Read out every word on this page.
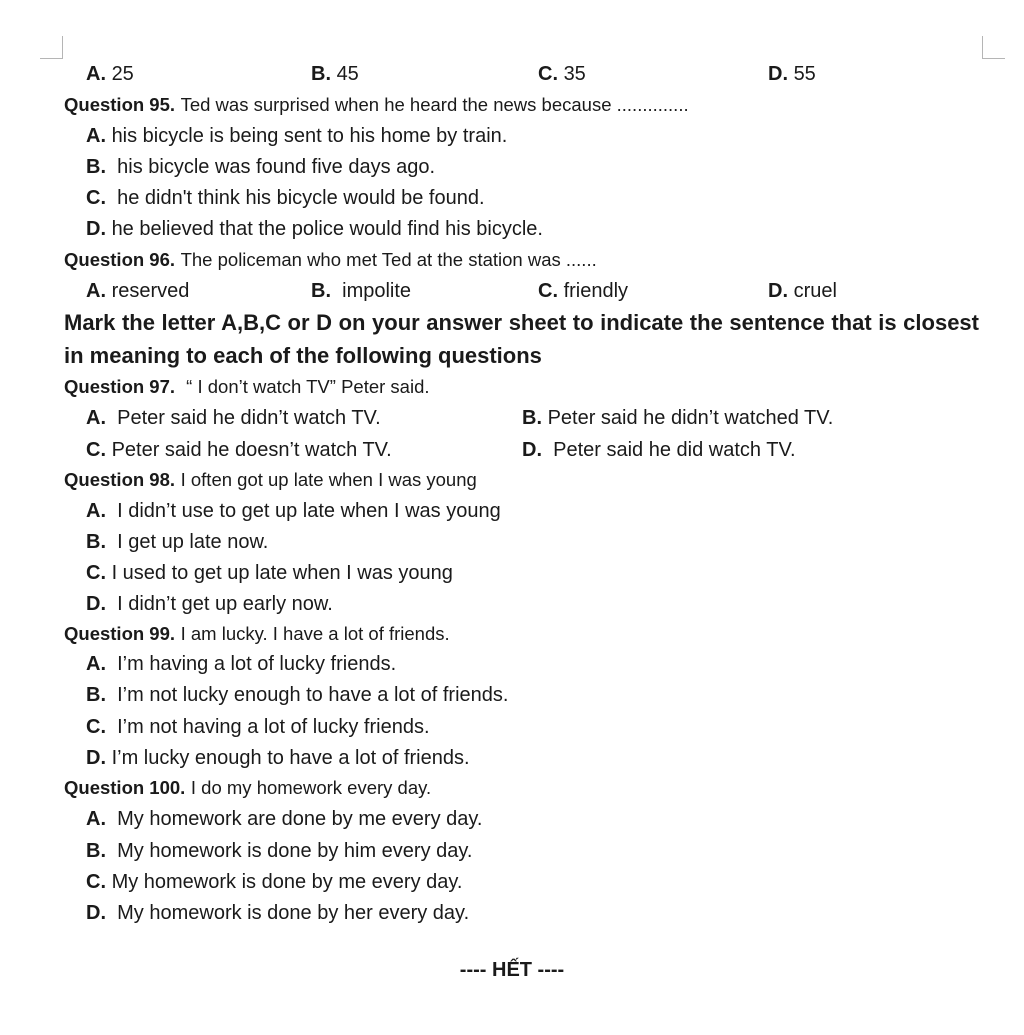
A. 25	B. 45	C. 35	D. 55
Question 95. Ted was surprised when he heard the news because ..............
A. his bicycle is being sent to his home by train.
B. his bicycle was found five days ago.
C. he didn't think his bicycle would be found.
D. he believed that the police would find his bicycle.
Question 96. The policeman who met Ted at the station was ......
A. reserved	B. impolite	C. friendly	D. cruel
Mark the letter A,B,C or D on your answer sheet to indicate the sentence that is closest in meaning to each of the following questions
Question 97. “ I don’t watch TV” Peter said.
A. Peter said he didn’t watch TV.	B. Peter said he didn’t watched TV.
C. Peter said he doesn’t watch TV.	D. Peter said he did watch TV.
Question 98. I often got up late when I was young
A. I didn’t use to get up late when I was young
B. I get up late now.
C. I used to get up late when I was young
D. I didn’t get up early now.
Question 99. I am lucky. I have a lot of friends.
A. I’m having a lot of lucky friends.
B. I’m not lucky enough to have a lot of friends.
C. I’m not having a lot of lucky friends.
D. I’m lucky enough to have a lot of friends.
Question 100. I do my homework every day.
A. My homework are done by me every day.
B. My homework is done by him every day.
C. My homework is done by me every day.
D. My homework is done by her every day.
---- HẾT ----
